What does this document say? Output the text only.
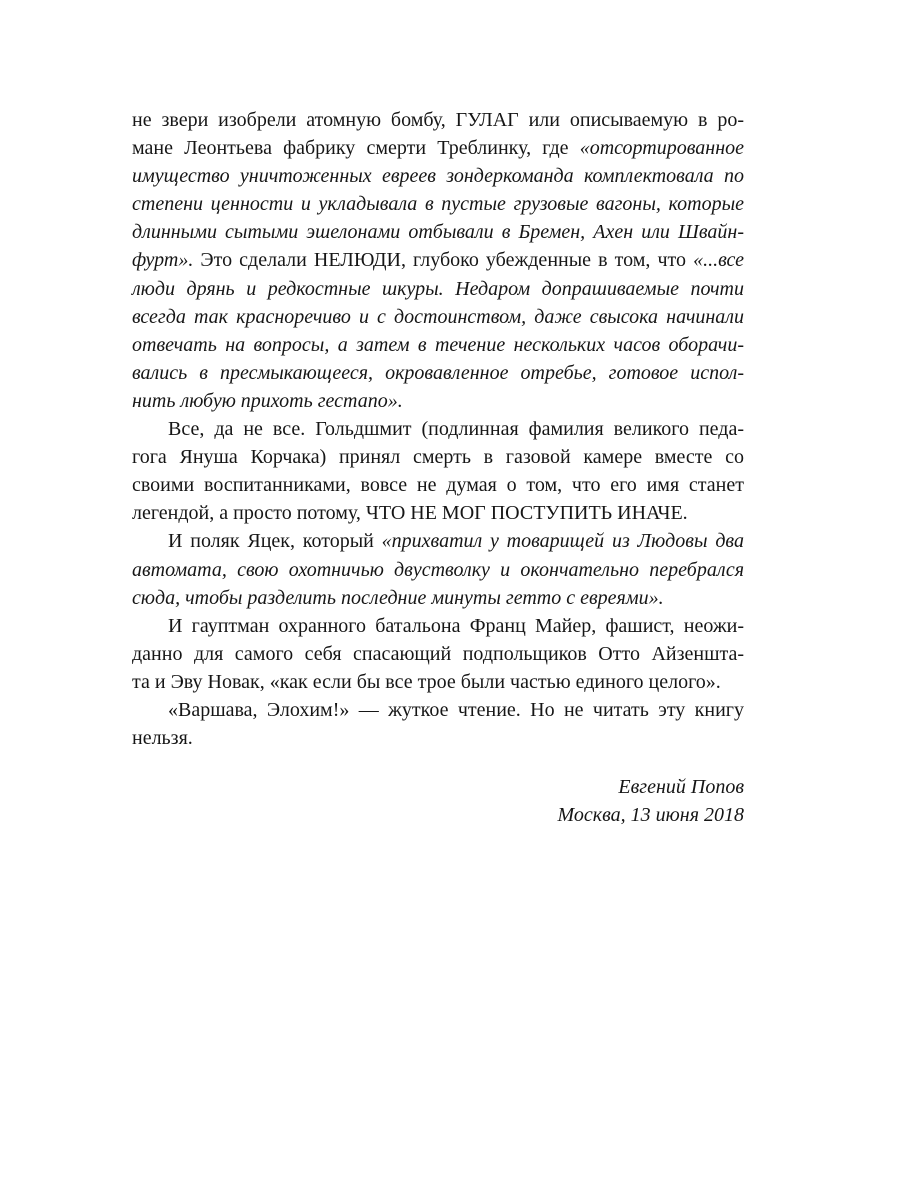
не звери изобрели атомную бомбу, ГУЛАГ или описываемую в ро-
мане Леонтьева фабрику смерти Треблинку, где «отсортированное
имущество уничтоженных евреев зондеркоманда комплектовала по
степени ценности и укладывала в пустые грузовые вагоны, которые
длинными сытыми эшелонами отбывали в Бремен, Ахен или Швайн-
фурт». Это сделали НЕЛЮДИ, глубоко убежденные в том, что «...все
люди дрянь и редкостные шкуры. Недаром допрашиваемые почти
всегда так красноречиво и с достоинством, даже свысока начинали
отвечать на вопросы, а затем в течение нескольких часов оборачи-
вались в пресмыкающееся, окровавленное отребье, готовое испол-
нить любую прихоть гестапо».
Все, да не все. Гольдшмит (подлинная фамилия великого педа-
гога Януша Корчака) принял смерть в газовой камере вместе со
своими воспитанниками, вовсе не думая о том, что его имя станет
легендой, а просто потому, ЧТО НЕ МОГ ПОСТУПИТЬ ИНАЧЕ.
И поляк Яцек, который «прихватил у товарищей из Людовы два
автомата, свою охотничью двустволку и окончательно перебрался
сюда, чтобы разделить последние минуты гетто с евреями».
И гауптман охранного батальона Франц Майер, фашист, неожи-
данно для самого себя спасающий подпольщиков Отто Айзеншта-
та и Эву Новак, «как если бы все трое были частью единого целого».
«Варшава, Элохим!» — жуткое чтение. Но не читать эту книгу
нельзя.
Евгений Попов
Москва, 13 июня 2018
